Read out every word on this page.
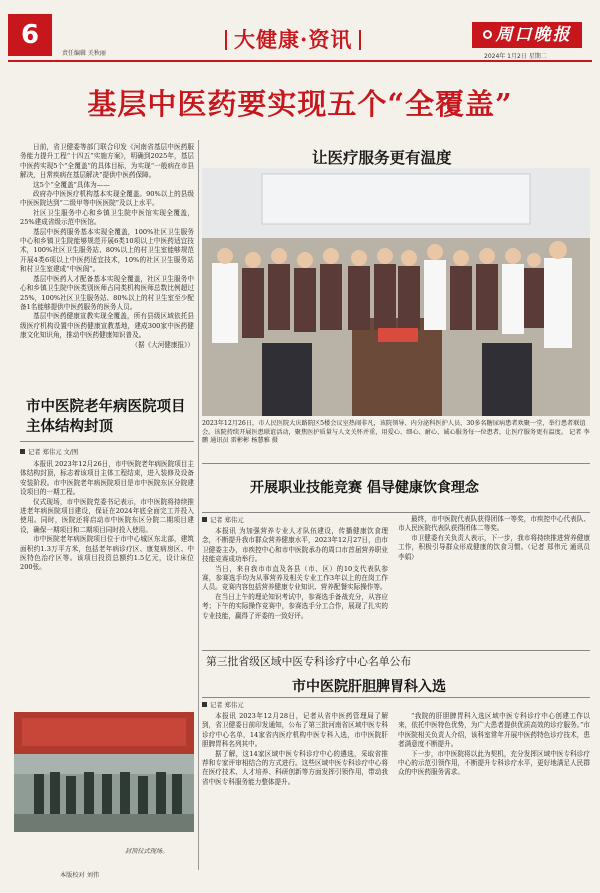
6
责任编辑 关秋丽
大健康·资讯	周口晚报
2024年 1月2日 星期二
基层中医药要实现五个“全覆盖”

日前，省卫健委等部门联合印发《河南省基层中医药服务能力提升工程“十四五”实施方案》，明确到2025年，基层中医药实现5个“全覆盖”的具体目标，为实现“一般病在市县解决，日常疾病在基层解决”提供中医药保障。

这5个“全覆盖”具体为——

政府办中医医疗机构基本实现全覆盖。90%以上的县级中医医院达到“二级甲等中医医院”及以上水平。

社区卫生服务中心和乡镇卫生院中医馆实现全覆盖，25%建成省级示范中医馆。

基层中医药服务基本实现全覆盖，100%社区卫生服务中心和乡镇卫生院能够规范开展6类10项以上中医药适宜技术，100%社区卫生服务站、80%以上的村卫生室能够规范开展4类6项以上中医药适宜技术，10%的社区卫生服务站和村卫生室建成“中医阁”。

基层中医药人才配备基本实现全覆盖，社区卫生服务中心和乡镇卫生院中医类别医师占同类机构医师总数比例超过25%，100%社区卫生服务站、80%以上的村卫生室至少配备1名能够提供中医药服务的医务人员。

基层中医药健康宣教实现全覆盖，所有县级区域依托县级医疗机构设置中医药健康宣教基地，建成300家中医药健康文化知识角，推动中医药健康知识普及。

（据《大河健康报》）

让医疗服务更有温度
2023年12月26日，市人民医院大庆路院区5楼会议室热闹非凡，该院领导、内分泌科医护人员、30多名糖尿病患者欢聚一堂，举行患者联谊会。该院持续开展医患联谊活动，聚焦医护质量与人文关怀并重，用爱心、细心、耐心、诚心服务每一位患者，让医疗服务更有温度。 记者 李鹏 通讯员 雷彬彬 杨慧雅 摄
市中医院老年病医院项目主体结构封顶
记者 郑伟元 文/图

本报讯 2023年12月26日，市中医院老年病医院项目主体结构封顶，标志着该项目主体工程结束，进入装修及设备安装阶段。市中医院老年病医院项目是市中医院东区分院建设项目的一期工程。

仪式现场，市中医院党委书记表示，市中医院将持续推进老年病医院项目建设，保证在2024年底全面完工并投入使用。同时，医院还将启动市中医院东区分院二期项目建设，确保一期项目和二期项目同时投入使用。

市中医院老年病医院项目位于市中心城区东北部，建筑面积约1.3万平方米，包括老年病诊疗区、康复病房区、中医特色治疗区等。该项目投资总额约1.5亿元，设计床位200张。

封顶仪式现场。
开展职业技能竞赛 倡导健康饮食理念
记者 郑伟元

本报讯 为加强营养专业人才队伍建设，传播健康饮食理念，不断提升我市群众营养健康水平，2023年12月27日，由市卫健委主办，市疾控中心和市中医院承办的周口市首届营养职业技能竞赛成功举行。

当日，来自我市市直及各县（市、区）的10支代表队参赛，参赛选手均为从事营养及相关专业工作3年以上的在岗工作人员。竞赛内容包括营养健康专业知识、营养配餐实际操作等。

在当日上午的理论知识考试中，参赛选手备战充分，从容应考；下午的实际操作竞赛中，参赛选手分工合作，展现了扎实的专业技能，赢得了评委的一致好评。

最终，市中医院代表队获得团体一等奖，市疾控中心代表队、市人民医院代表队获得团体二等奖。

市卫健委有关负责人表示，下一步，我市将持续推进营养健康工作，积极引导群众形成健康的饮食习惯。（记者 郑伟元 通讯员 李娟）

第三批省级区域中医专科诊疗中心名单公布
市中医院肝胆脾胃科入选
记者 郑伟元

本报讯 2023年12月28日，记者从省中医药管理局了解到，省卫健委日前印发通知，公布了第三批河南省区域中医专科诊疗中心名单，14家省内医疗机构中医专科入选，市中医院肝胆脾胃科名列其中。

据了解，这14家区域中医专科诊疗中心的遴选，采取省推荐和专家评审相结合的方式进行。这些区域中医专科诊疗中心将在医疗技术、人才培养、科研创新等方面发挥引领作用，带动我省中医专科服务能力整体提升。

“我院的肝胆脾胃科入选区域中医专科诊疗中心创建工作以来，依托中医特色优势，为广大患者提供优质高效的诊疗服务。”市中医院相关负责人介绍，该科室常年开展中医药特色诊疗技术，患者满意度不断提升。

下一步，市中医院将以此为契机，充分发挥区域中医专科诊疗中心的示范引领作用，不断提升专科诊疗水平，更好地满足人民群众的中医药服务需求。

本版校对 刘伟
